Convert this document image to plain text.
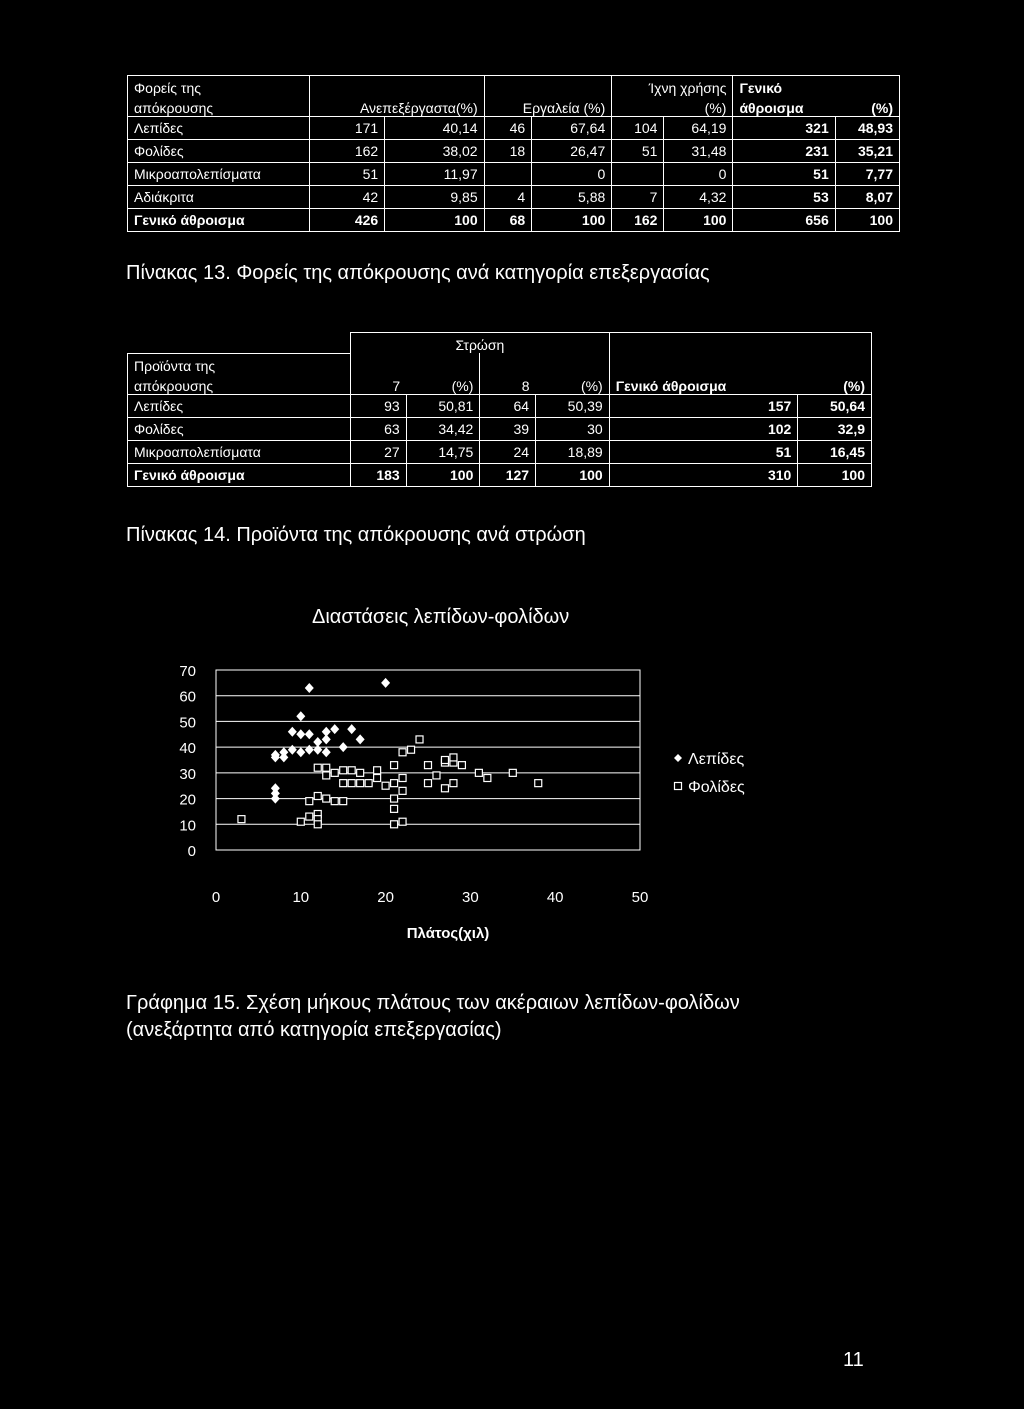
Φορείς της					Ίχνη χρήσης		Γενικό	
απόκρουσης	Ανεπεξέργαστα(%)		Εργαλεία (%)		(%)		άθροισμα	(%)
Λεπίδες	171	40,14	46	67,64	104	64,19	321	48,93
Φολίδες	162	38,02	18	26,47	51	31,48	231	35,21
Μικροαπολεπίσματα	51	11,97		0		0	51	7,77
Αδιάκριτα	42	9,85	4	5,88	7	4,32	53	8,07
Γενικό άθροισμα	426	100	68	100	162	100	656	100
Πίνακας 13. Φορείς της απόκρουσης ανά κατηγορία επεξεργασίας
	Στρώση					
Προϊόντα της						
απόκρουσης	7	(%)	8	(%)	Γενικό άθροισμα	(%)
Λεπίδες	93	50,81	64	50,39	157	50,64
Φολίδες	63	34,42	39	30	102	32,9
Μικροαπολεπίσματα	27	14,75	24	18,89	51	16,45
Γενικό άθροισμα	183	100	127	100	310	100
Πίνακας 14. Προϊόντα της απόκρουσης ανά στρώση
Διαστάσεις λεπίδων-φολίδων
0
10
20
30
40
50
60
70
0	10	20	30	40	50
Πλάτος(χιλ)
Λεπίδες
Φολίδες
Γράφημα 15. Σχέση μήκους πλάτους των ακέραιων λεπίδων-φολίδων
(ανεξάρτητα από κατηγορία επεξεργασίας)
11
